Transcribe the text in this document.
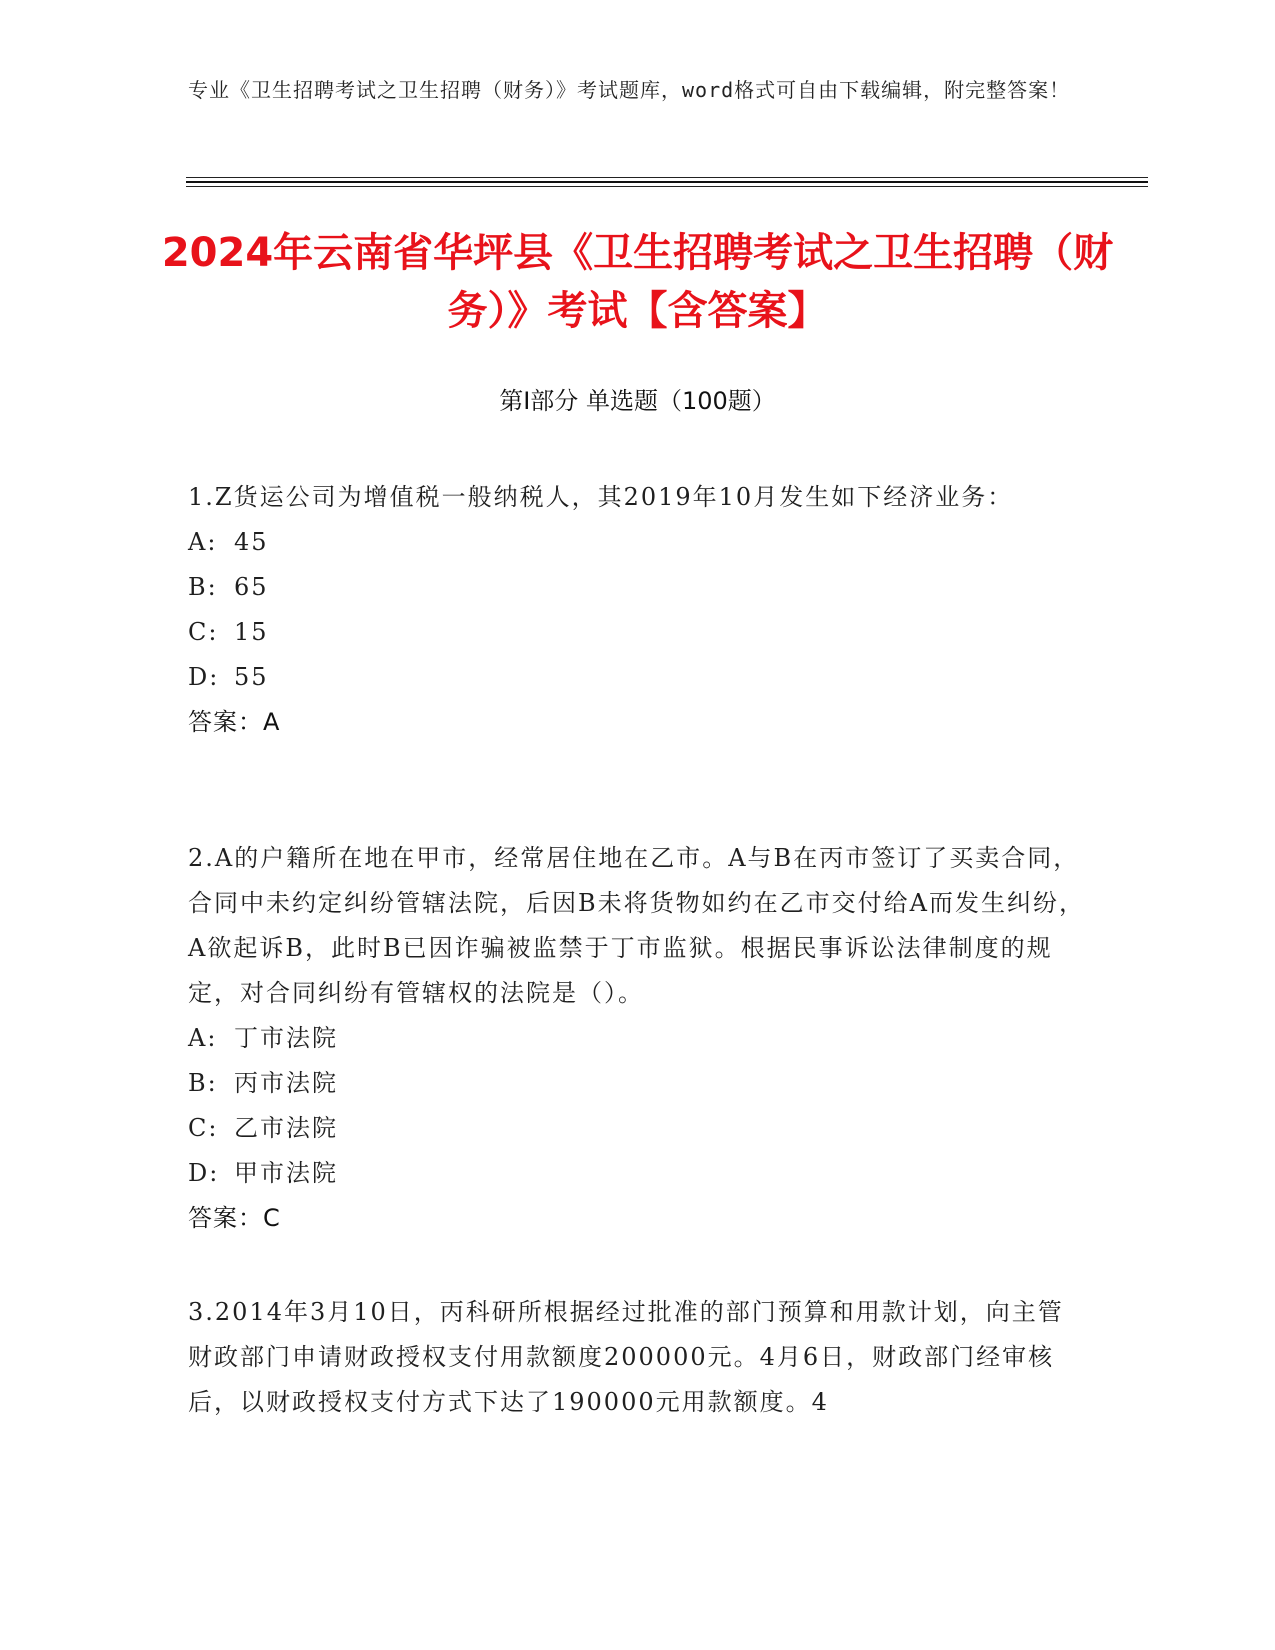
专业《卫生招聘考试之卫生招聘（财务）》考试题库，word格式可自由下载编辑，附完整答案！
2024年云南省华坪县《卫生招聘考试之卫生招聘（财务）》考试【含答案】
第I部分 单选题（100题）
1.Z货运公司为增值税一般纳税人，其2019年10月发生如下经济业务：
A: 45
B: 65
C: 15
D: 55
答案：A
2.A的户籍所在地在甲市，经常居住地在乙市。A与B在丙市签订了买卖合同，合同中未约定纠纷管辖法院，后因B未将货物如约在乙市交付给A而发生纠纷，A欲起诉B，此时B已因诈骗被监禁于丁市监狱。根据民事诉讼法律制度的规定，对合同纠纷有管辖权的法院是（）。
A: 丁市法院
B: 丙市法院
C: 乙市法院
D: 甲市法院
答案：C
3.2014年3月10日，丙科研所根据经过批准的部门预算和用款计划，向主管财政部门申请财政授权支付用款额度200000元。4月6日，财政部门经审核后，以财政授权支付方式下达了190000元用款额度。4
